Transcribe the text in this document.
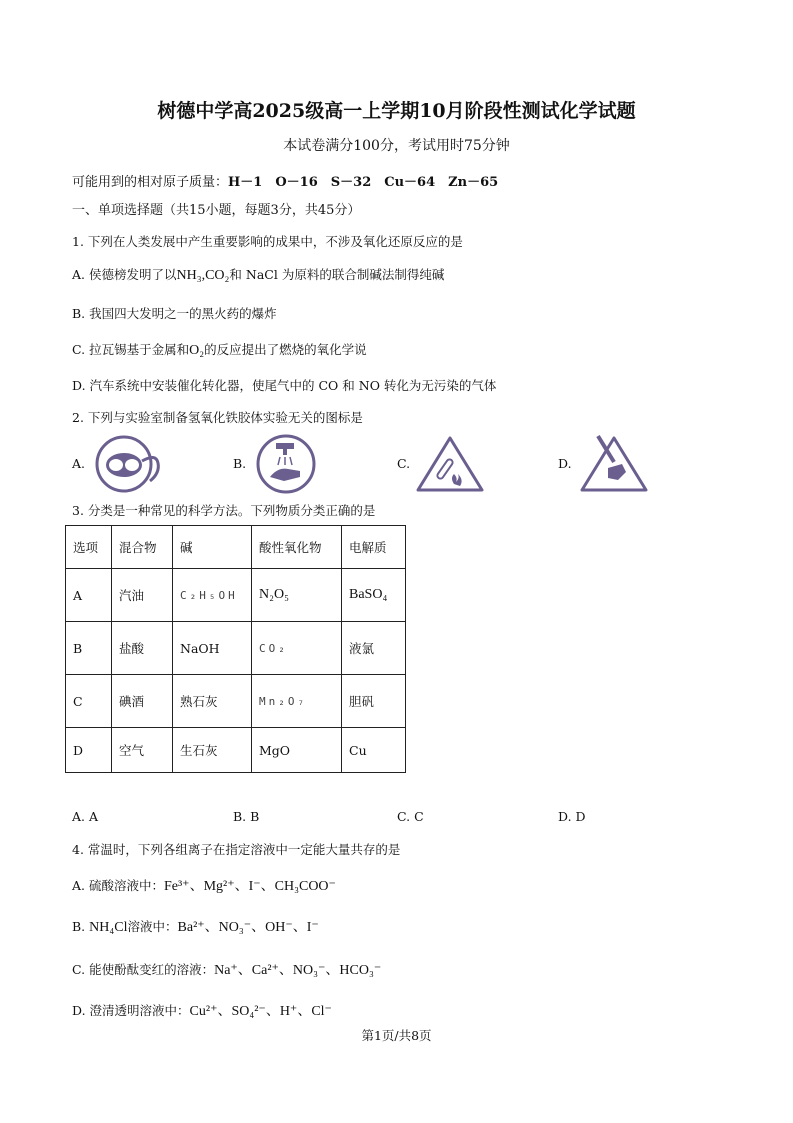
树德中学高2025级高一上学期10月阶段性测试化学试题
本试卷满分100分，考试用时75分钟
可能用到的相对原子质量：H－1　O－16　S－32　Cu－64　Zn－65
一、单项选择题（共15小题，每题3分，共45分）
1. 下列在人类发展中产生重要影响的成果中，不涉及氧化还原反应的是
A. 侯德榜发明了以NH₃,CO₂和 NaCl 为原料的联合制碱法制得纯碱
B. 我国四大发明之一的黑火药的爆炸
C. 拉瓦锡基于金属和O₂的反应提出了燃烧的氧化学说
D. 汽车系统中安装催化转化器，使尾气中的 CO 和 NO 转化为无污染的气体
2. 下列与实验室制备氢氧化铁胶体实验无关的图标是
A.	B.	C.	D.
3. 分类是一种常见的科学方法。下列物质分类正确的是
选项	混合物	碱	酸性氧化物	电解质
A	汽油	C₂H₅OH	N₂O₅	BaSO₄
B	盐酸	NaOH	CO₂	液氯
C	碘酒	熟石灰	Mn₂O₇	胆矾
D	空气	生石灰	MgO	Cu
A. A	B. B	C. C	D. D
4. 常温时，下列各组离子在指定溶液中一定能大量共存的是
A. 硫酸溶液中：Fe³⁺、Mg²⁺、I⁻、CH₃COO⁻
B. NH₄Cl溶液中：Ba²⁺、NO₃⁻、OH⁻、I⁻
C. 能使酚酞变红的溶液：Na⁺、Ca²⁺、NO₃⁻、HCO₃⁻
D. 澄清透明溶液中：Cu²⁺、SO₄²⁻、H⁺、Cl⁻
第1页/共8页
